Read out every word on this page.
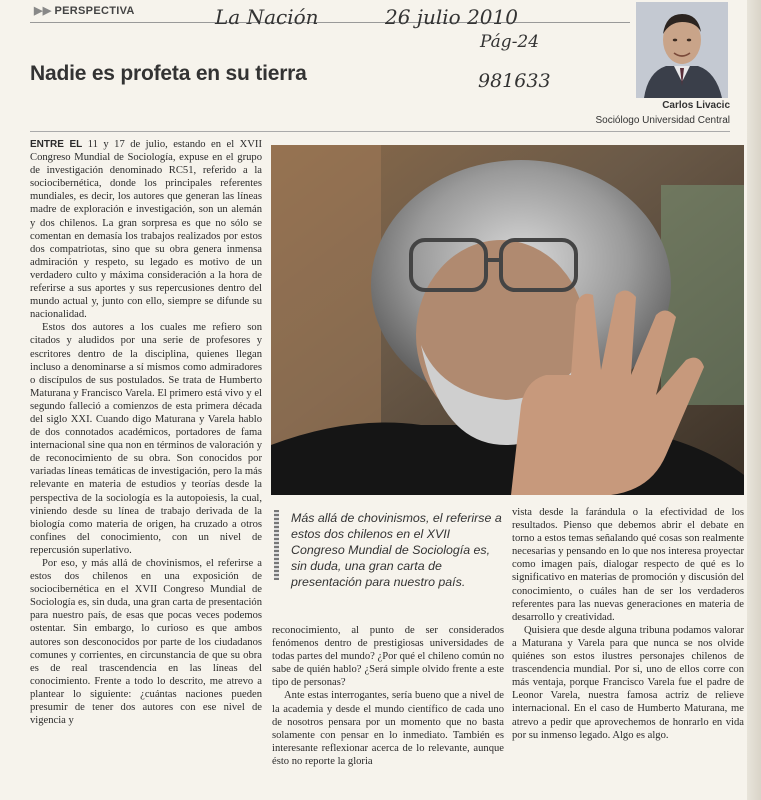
▶▶ PERSPECTIVA	La Nación	26 julio 2010
Pág-24
981633
Nadie es profeta en su tierra
Carlos Livacic
Sociólogo Universidad Central
Más allá de chovinismos, el referirse a estos dos chilenos en el XVII Congreso Mundial de Sociología es, sin duda, una gran carta de presentación para nuestro país.

ENTRE EL 11 y 17 de julio, estando en el XVII Congreso Mundial de Sociología, expuse en el grupo de investigación denominado RC51, referido a la sociocibernética, donde los principales referentes mundiales, es decir, los autores que generan las líneas madre de exploración e investigación, son un alemán y dos chilenos. La gran sorpresa es que no sólo se comentan en demasía los trabajos realizados por estos dos compatriotas, sino que su obra genera inmensa admiración y respeto, su legado es motivo de un verdadero culto y máxima consideración a la hora de referirse a sus aportes y sus repercusiones dentro del mundo actual y, junto con ello, siempre se difunde su nacionalidad.

Estos dos autores a los cuales me refiero son citados y aludidos por una serie de profesores y escritores dentro de la disciplina, quienes llegan incluso a denominarse a sí mismos como admiradores o discípulos de sus postulados. Se trata de Humberto Maturana y Francisco Varela. El primero está vivo y el segundo falleció a comienzos de esta primera década del siglo XXI. Cuando digo Maturana y Varela hablo de dos connotados académicos, portadores de fama internacional sine qua non en términos de valoración y de reconocimiento de su obra. Son conocidos por variadas líneas temáticas de investigación, pero la más relevante en materia de estudios y teorías desde la perspectiva de la sociología es la autopoiesis, la cual, viniendo desde su línea de trabajo derivada de la biología como materia de origen, ha cruzado a otros confines del conocimiento, con un nivel de repercusión superlativo.

Por eso, y más allá de chovinismos, el referirse a estos dos chilenos en una exposición de sociocibernética en el XVII Congreso Mundial de Sociología es, sin duda, una gran carta de presentación para nuestro país, de esas que pocas veces podemos ostentar. Sin embargo, lo curioso es que ambos autores son desconocidos por parte de los ciudadanos comunes y corrientes, en circunstancia de que su obra es de real trascendencia en las líneas del conocimiento. Frente a todo lo descrito, me atrevo a plantear lo siguiente: ¿cuántas naciones pueden presumir de tener dos autores con ese nivel de vigencia y

reconocimiento, al punto de ser considerados fenómenos dentro de prestigiosas universidades de todas partes del mundo? ¿Por qué el chileno común no sabe de quién hablo? ¿Será simple olvido frente a este tipo de personas?

Ante estas interrogantes, sería bueno que a nivel de la academia y desde el mundo científico de cada uno de nosotros pensara por un momento que no basta solamente con pensar en lo inmediato. También es interesante reflexionar acerca de lo relevante, aunque ésto no reporte la gloria

vista desde la farándula o la efectividad de los resultados. Pienso que debemos abrir el debate en torno a estos temas señalando qué cosas son realmente necesarias y pensando en lo que nos interesa proyectar como imagen país, dialogar respecto de qué es lo significativo en materias de promoción y discusión del conocimiento, o cuáles han de ser los verdaderos referentes para las nuevas generaciones en materia de desarrollo y creatividad.

Quisiera que desde alguna tribuna podamos valorar a Maturana y Varela para que nunca se nos olvide quiénes son estos ilustres personajes chilenos de trascendencia mundial. Por si, uno de ellos corre con más ventaja, porque Francisco Varela fue el padre de Leonor Varela, nuestra famosa actriz de relieve internacional. En el caso de Humberto Maturana, me atrevo a pedir que aprovechemos de honrarlo en vida por su inmenso legado. Algo es algo.
